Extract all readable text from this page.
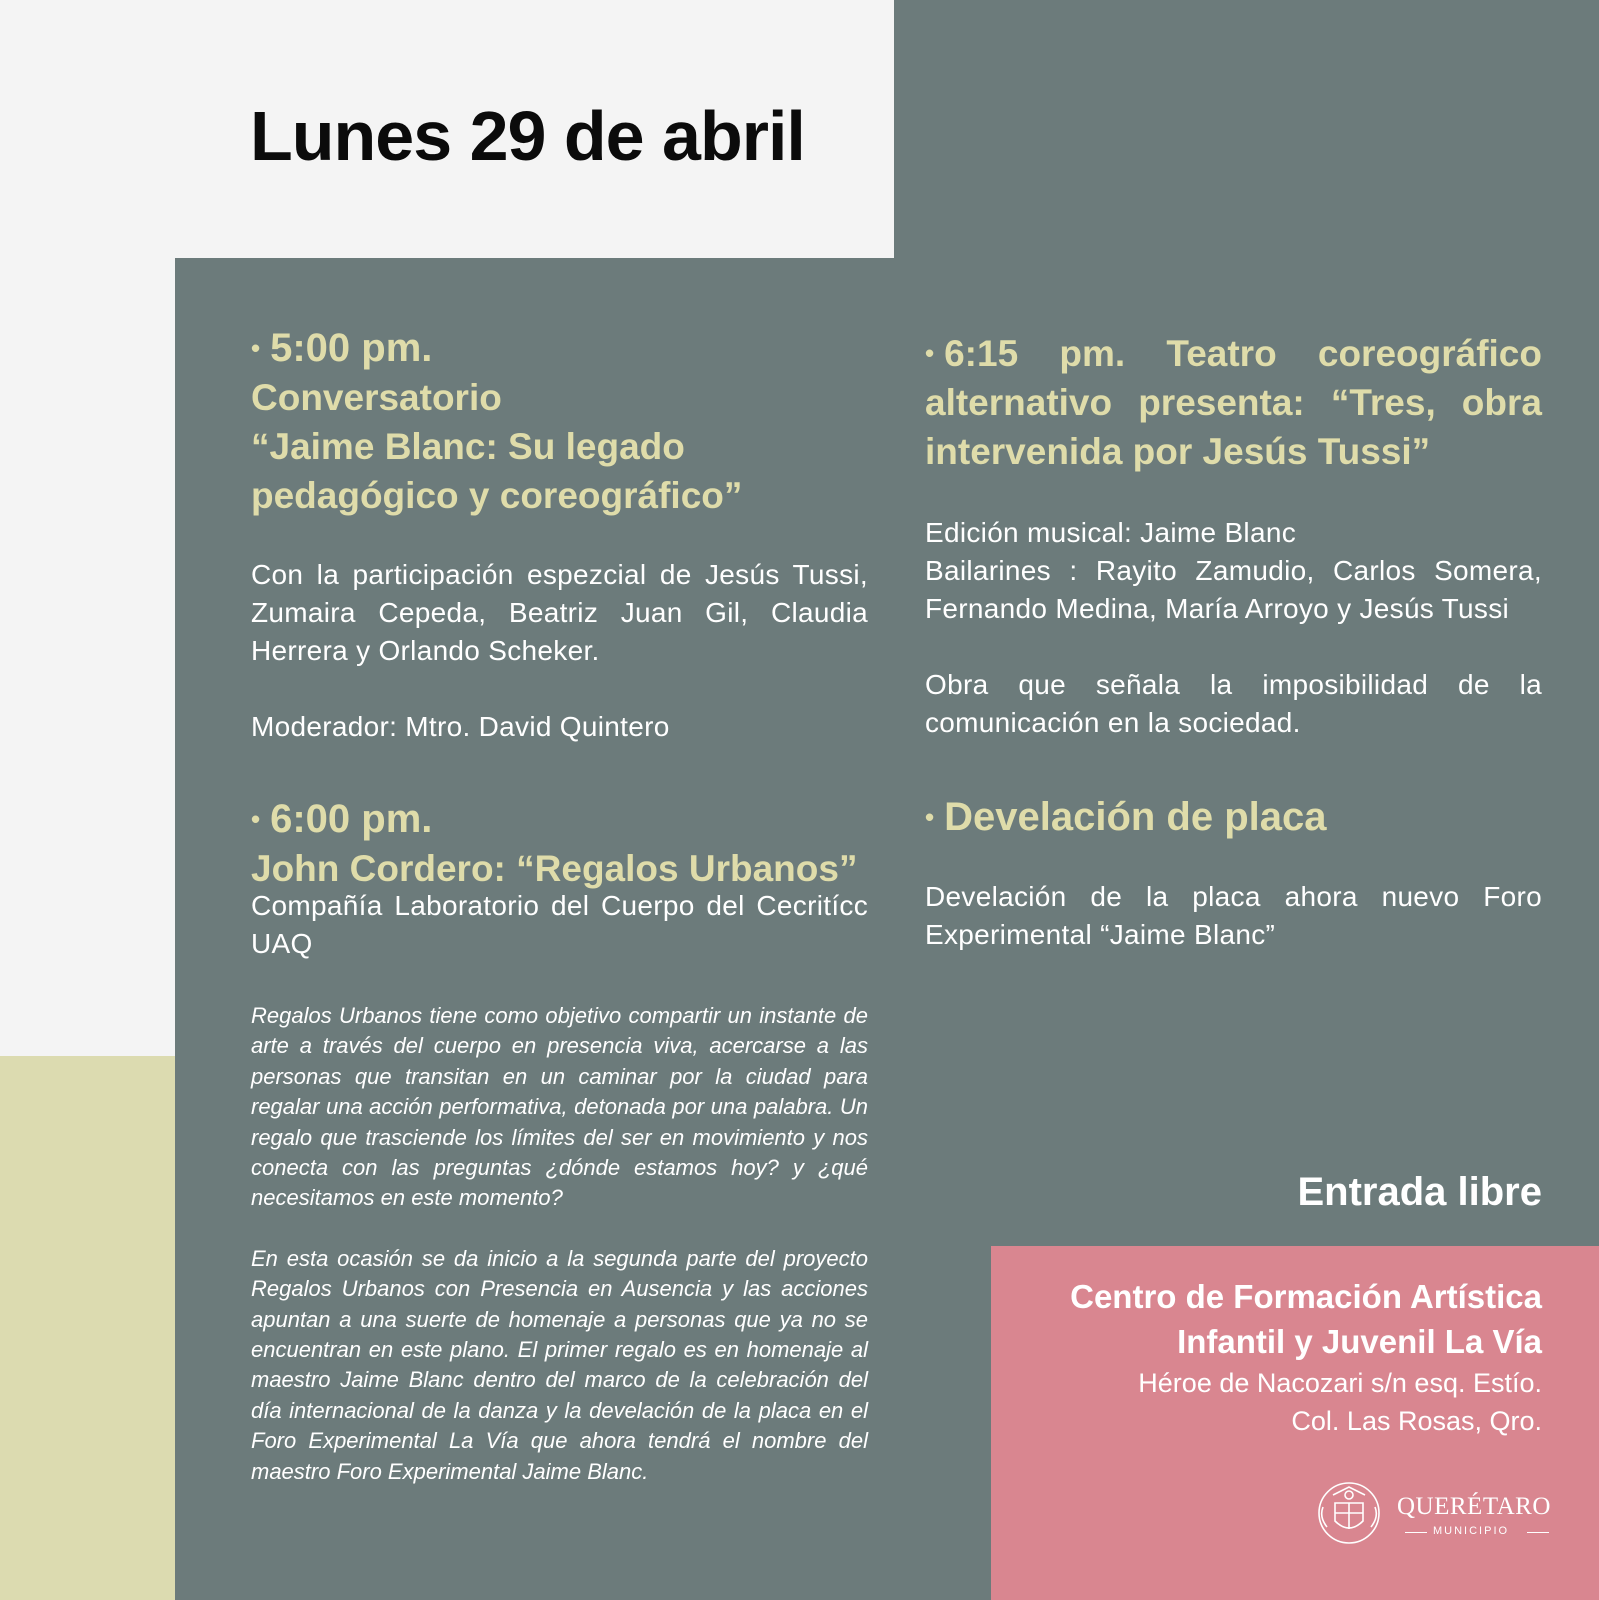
Lunes 29 de abril

• 5:00 pm.

Conversatorio

“Jaime Blanc: Su legado

pedagógico y coreográfico”

Con la participación espezcial de Jesús Tussi, Zumaira Cepeda, Beatriz Juan Gil, Claudia Herrera y Orlando Scheker.

Moderador: Mtro. David Quintero

• 6:00 pm.

John Cordero: “Regalos Urbanos”

Compañía Laboratorio del Cuerpo del Cecritícc UAQ

Regalos Urbanos tiene como objetivo compartir un instante de arte a través del cuerpo en presencia viva, acercarse a las personas que transitan en un caminar por la ciudad para regalar una acción performativa, detonada por una palabra. Un regalo que trasciende los límites del ser en movimiento y nos conecta con las preguntas ¿dónde estamos hoy? y ¿qué necesitamos en este momento?

En esta ocasión se da inicio a la segunda parte del proyecto Regalos Urbanos con Presencia en Ausencia y las acciones apuntan a una suerte de homenaje a personas que ya no se encuentran en este plano. El primer regalo es en homenaje al maestro Jaime Blanc dentro del marco de la celebración del día internacional de la danza y la develación de la placa en el Foro Experimental La Vía que ahora tendrá el nombre del maestro Foro Experimental Jaime Blanc.

• 6:15 pm. Teatro coreográfico alternativo presenta: “Tres, obra intervenida por Jesús Tussi”

Edición musical: Jaime Blanc

Bailarines : Rayito Zamudio, Carlos Somera, Fernando Medina, María Arroyo y Jesús Tussi

Obra que señala la imposibilidad de la comunicación en la sociedad.

• Develación de placa

Develación de la placa ahora nuevo Foro Experimental “Jaime Blanc”

Entrada libre

Centro de Formación Artística

Infantil y Juvenil La Vía

Héroe de Nacozari s/n esq. Estío.

Col. Las Rosas, Qro.

QUERÉTARO
MUNICIPIO
